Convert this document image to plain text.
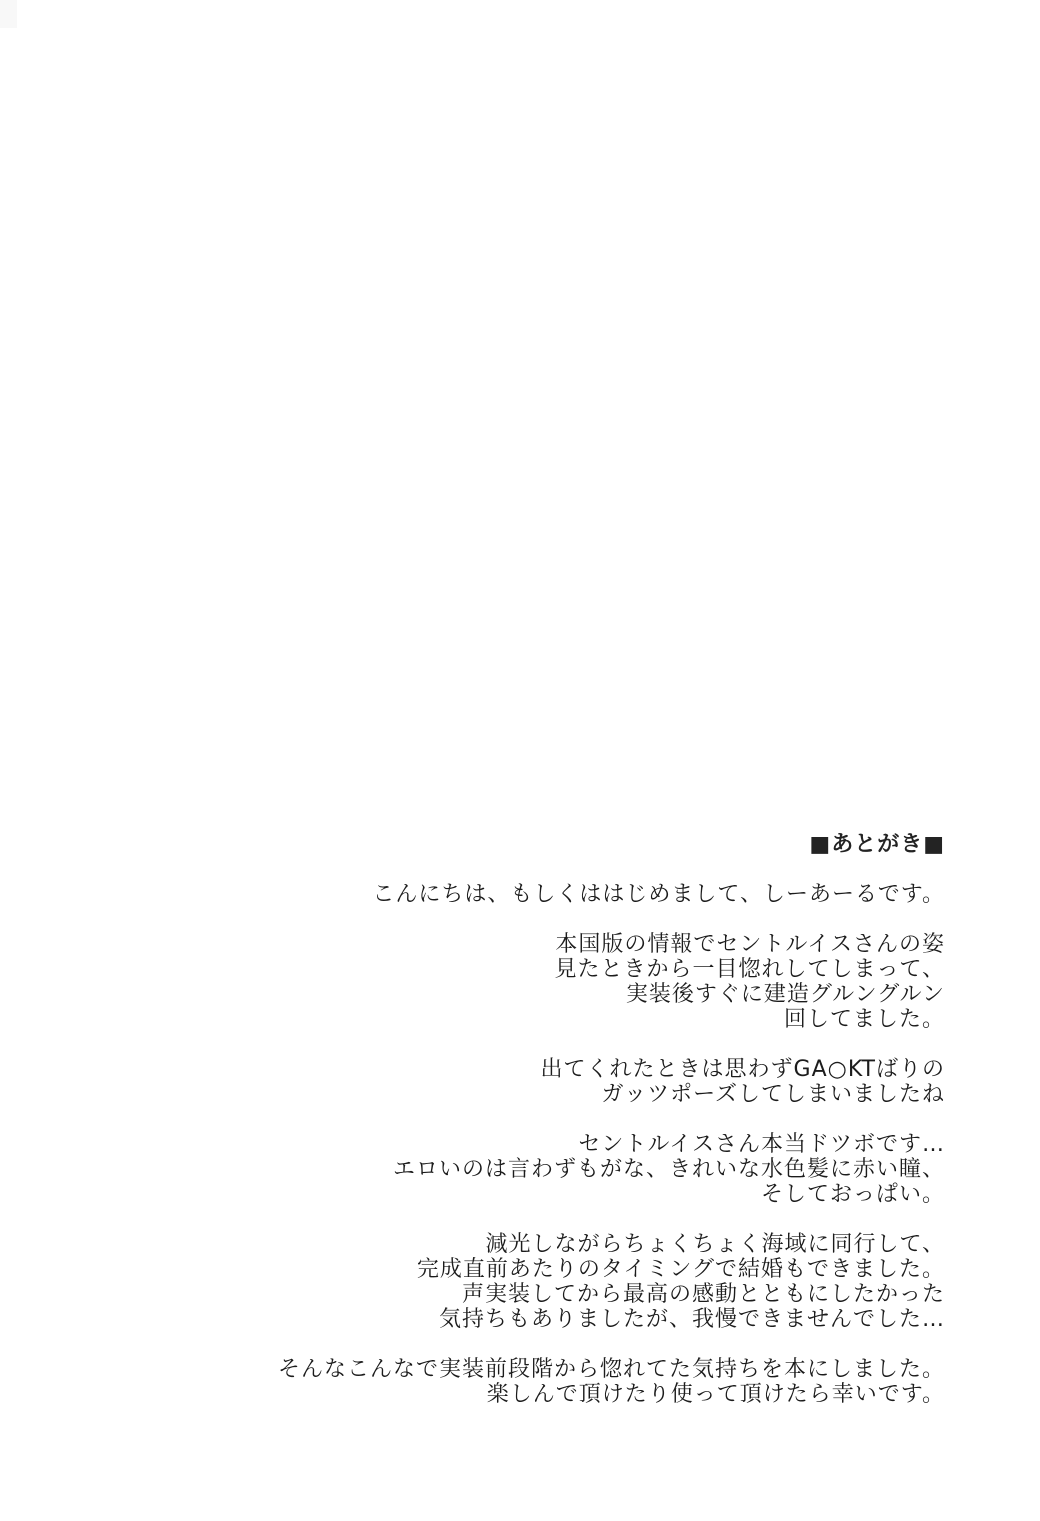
■あとがき■
こんにちは、もしくははじめまして、しーあーるです。
本国版の情報でセントルイスさんの姿
見たときから一目惚れしてしまって、
実装後すぐに建造グルングルン
回してました。
出てくれたときは思わずGA○KTばりの
ガッツポーズしてしまいましたね
セントルイスさん本当ドツボです…
エロいのは言わずもがな、きれいな水色髪に赤い瞳、
そしておっぱい。
減光しながらちょくちょく海域に同行して、
完成直前あたりのタイミングで結婚もできました。
声実装してから最高の感動とともにしたかった
気持ちもありましたが、我慢できませんでした…
そんなこんなで実装前段階から惚れてた気持ちを本にしました。
楽しんで頂けたり使って頂けたら幸いです。
